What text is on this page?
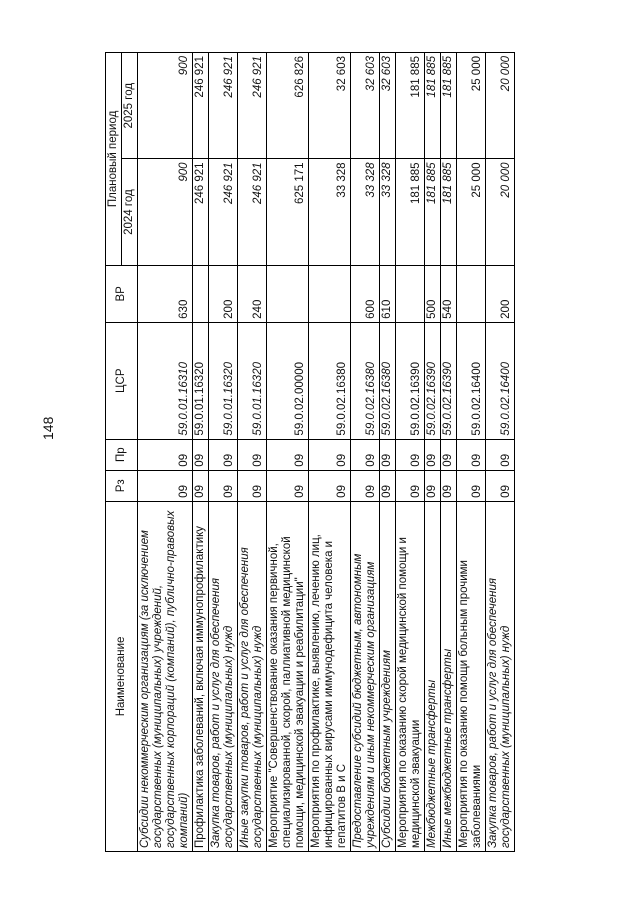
148
Наименование	Рз	Пр	ЦСР	ВР	Плановый период	
					2024 год	2025 год
Субсидии некоммерческим организациям (за исключением государственных (муниципальных) учреждений, государственных корпораций (компаний), публично-правовых компаний)	09	09	59.0.01.16310	630	900	900
Профилактика заболеваний, включая иммунопрофилактику	09	09	59.0.01.16320		246 921	246 921
Закупка товаров, работ и услуг для обеспечения государственных (муниципальных) нужд	09	09	59.0.01.16320	200	246 921	246 921
Иные закупки товаров, работ и услуг для обеспечения государственных (муниципальных) нужд	09	09	59.0.01.16320	240	246 921	246 921
Мероприятие "Совершенствование оказания первичной, специализированной, скорой, паллиативной медицинской помощи, медицинской эвакуации и реабилитации"	09	09	59.0.02.00000		625 171	626 826
Мероприятия по профилактике, выявлению, лечению лиц, инфицированных вирусами иммунодефицита человека и гепатитов В и С	09	09	59.0.02.16380		33 328	32 603
Предоставление субсидий бюджетным, автономным учреждениям и иным некоммерческим организациям	09	09	59.0.02.16380	600	33 328	32 603
Субсидии бюджетным учреждениям	09	09	59.0.02.16380	610	33 328	32 603
Мероприятия по оказанию скорой медицинской помощи и медицинской эвакуации	09	09	59.0.02.16390		181 885	181 885
Межбюджетные трансферты	09	09	59.0.02.16390	500	181 885	181 885
Иные межбюджетные трансферты	09	09	59.0.02.16390	540	181 885	181 885
Мероприятия по оказанию помощи больным прочими заболеваниями	09	09	59.0.02.16400		25 000	25 000
Закупка товаров, работ и услуг для обеспечения государственных (муниципальных) нужд	09	09	59.0.02.16400	200	20 000	20 000
